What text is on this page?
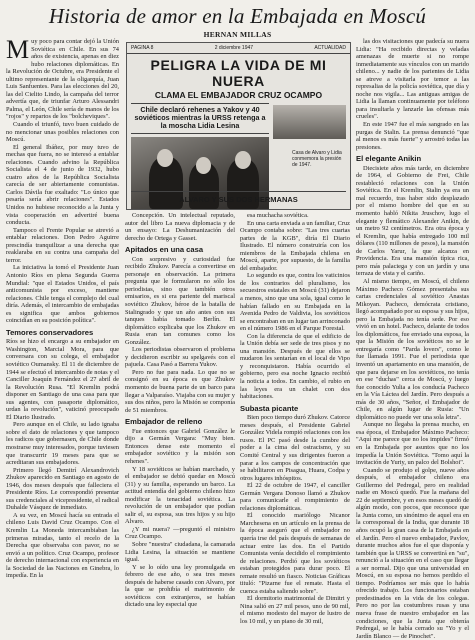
Historia de amor en la Embajada en Moscú
HERNAN MILLAS

Muy poco para contar dejó la Unión Soviética en Chile. En sus 74 años de existencia, apenas en diez hubo relaciones diplomáticas. En la Revolución de Octubre, era Presidente el ultimo representante de la oligarquía, Juan Luis Sanfuentes. Para las elecciones del 20, las del Cielito Lindo, la campaña del terror advertía que, de triunfar Arturo Alessandri Palma, el León, Chile sería de manos de los "rojos" y repartos de los "bolcheviques".

Cuando el triunfó, tuvo buen cuidado de no mencionar unas posibles relaciones con Moscú.

El general Ibáñez, por muy tuvo de mechas que fuera, no se interesó a entablar relaciones. Cuando advino la República Socialista el 4 de junio de 1932, hubo cuatro años de la República Socialista carecía de ser abiertamente comunistas. Carlos Dávila fue exaltado: "Lo único que pesaría sería abrir relaciones". Estados Unidos no hubiese reconocido a la Junta y vista cooperación en advertiré buena conducta.

Tampoco el Frente Popular se atrevió a entablar relaciones. Don Pedro Aguirre prescindía tranquilizar a una derecha que reaklaraba en su contra una campaña del terror.

La iniciativa la tomó el Presidente Juan Antonio Ríos en plena Segunda Guerra Mundial: "que el Estados Unidos, el país anticomunista por exceso, mantiene relaciones. Chile tenga el complejo del cual diría. Además, el intercambio de embajadas es significa que ambos gobiernos coincidían en su posición política".

Temores conservadores

Ríos se hizo el encargo a su embajador en Washington, Marcial Mora, para que conversara con su colega, el embajador soviético Oumansky. El 11 de diciembre de 1944 se efectuó el intercambio de notas y el Canciller Joaquín Fernández el 27 abril de la Revolución Rusa. "El Kremlin podrá disponer en Santiago de una casa para que sus agentes, con pasaporte diplomático, urdan la revolución", vaticinó preocupado El Diario Ilustrado.

Pero aunque en el Chile, su lado ignaba sobre el dato de relaciones y que tampoco les radicos que gobernasen, de Chile donde mostrarse muy interesados, porque tuviesen que transcurrir 19 meses para que se acreditaran sus embajadores.

Primero llegó Demitrí Alexandrovich Zhukov aparecido en Santiago en agosto de 1946, dos meses después que falleciera el Presidente Ríos. Le correspondió presentar sus credenciales al vicepresidente, el radical Duhalde Vásquez de inmediato.

A su vez, en Moscú hacía su entrada el chileno Luis David Cruz Ocampo. Con el Kremlin La Moneda intercambiaban las primeras miradas, tanto el recelo de la Derecha que observaba con pavor, no se envió a un político. Cruz Ocampo, profesor de derecho internacional con experiencia en la Sociedad de las Naciones en Ginebra, lo impedía. En la

PAGINA 8	2 diciembre 1947	ACTUALIDAD
PELIGRA LA VIDA DE MI NUERA
CLAMA EL EMBAJADOR CRUZ OCAMPO
Chile declaró rehenes a Yakov y 40 soviéticos mientras la URSS retenga a la moscha Lidia Lesina
ALVARO Y SUS DOS HERMANAS
Casa de Alvaro y Lidia conmemora la presión de 1947.

Concepción. Un intelectual reputado, autor del libro La nueva diplomacia y de un ensayo: La Deshumanización del derecho de Ortega y Gasset.

Apitados en una casa

Con sorpresivo y curiosidad fue recibido Zhukov. Parecía a convertirse en personaje en observación. La primera pregunta que le formularon no sólo los periodistas, sino que también otros emisarios, es si era pariente del mariscal soviético Zhukov, héroe de la batalla de Stalingrado y que un año antes con sus tanques había tomado Berlín. El diplomático explicaba que los Zhukov en Rusia eran tan comunes como los González.

Los periodistas observaron el problema y decidieron escribir su spelgavés con el pajuela. Casa Pasó a Barrera Yukov.

Pero no fue para nada. Lo que no se consignó en su época es que Zhukov momento de buena parte de un barco para llegar a Valparaíso. Viajaba con su mujer y sus dos niños, pero la Misión se componía de 51 miembros.

Embajador de relleno

Fue entonces que Gabriel González le dijo a Germán Vergara: "Muy bien. Entonces dense este momento el embajador soviético y la misión son rehenes".

Y 18 soviéticos se habían marchado, y el embajador se debió quedar en Moscú (31) y su familia, esperando un barco. La actitud entendía del gobierno chileno hizo modificar la tenacidad soviética. La revolución de un embajador que podían salir el, su esposa, sus tres hijos y su hijo Alvaro.

¿Y mi nuera? —preguntó el ministro Cruz Ocampo.

Sobre "nuestra" ciudadana, la camarada Lidia Lesina, la situación se mantiene igual.

Y se lo oído una ley promulgada en febrero de ese año, o sea tres meses después de haberse casado con Alvaro, por la que se prohibía el matrimonio de soviéticos con extranjeros, se habían dictado una ley especial que

esa muchacha soviética.

En una carta enviada a un familiar, Cruz Ocampo contaba sobre: "Las tres cuartas partes de la KGB", diría El Diario Ilustrado. El número construiría con los miembros de la Embajada chilena en Moscú, aparte, por supuesto, de la familia del embajador.

Lo segundo es que, contra los vaticinios de los contrarios del pluralismo, los secuestros estatales en Moscú (31) dejaron a menos, sino que una sola, igual como le habían fallado en su Embajada en la Avenida Pedro de Valdivia, los soviéticos se encontraban en un lugar tan arrinconado en el número 1986 en el Parque Forestal.

Con la diferencia de que el edificio de la Unión debía ser sede de tres pisos y no una mansión. Después de que ellos se mudaron les sentarían en el local de Vipo y reconquistaron. Había ocurrido el gobierno, pero esa noche Ignacio recibió la noticia a todos. En cambio, el rubio en las leyes era un chalet con dos habitaciones.

Subasta picante

Bien poco tiempo duró Zhukov. Catorce meses después, el Presidente Gabriel González Videla rompió relaciones con los rusos. El PC pasó desde la cumbre del poder a la cima del ostracismo, y su Comité Central y sus dirigentes fueron a parar a los campos de concentración que se habilitaron en Pisagua, Huara, Codpa y otros lugares inhóspitos.

El 22 de octubre de 1947, el canciller Germán Vergara Donoso llamó a Zhukov para comunicarle el rompimiento de relaciones diplomáticas.

El conocido mariólogo Nicanor Marchesena en un artículo en la prensa de la época aseguró que el embajador no quería irse del país después de semanas de actuar entre las dos. En el Partido Comunista venía decidido el rompimiento de relaciones. Perdió que los soviéticos estaban protegidos para durar poco. El remate resultó un fiasco. Noticias Gráficas tituló: "Pizarne fue el remate. Hasta el cuenca estaba saliendo sobre".

El dormitorio matrimonial de Dimitri y Nina salió en 27 mil pesos, uno de 90 mil, el mismo modesto del mayor de lustro de los 10 mil, y un piano de 30 mil,

las dos visitaciones que padecía su nuera Lidia: "Ha recibido directas y veladas amenazas de muerte si no rompe inmediatamente sus vínculos con un marido chileno... y nadie de los parientes de Lidia se atreve a visitarla por temor a las represalias de la policía soviética, que día y noche nos vigila... Las antiguas amigas de Lidia la llaman continuamente por teléfono para insultarla y lanzarle las ofensas más crueles".

En este 1947 fue el más sangrado en las purgas de Stalin. La prensa denunció "que al menos es más fuerte" y arrostró todas las presiones.

El elegante Anikin

Diecisiete años más tarde, en diciembre de 1964, el Gobierno de Frei, Chile restableció relaciones con la Unión Soviética. En el Kremlin, Stalin ya era un mal recuerdo, tras haber sido desplazado por el mismo hombre del que en su momento habló Nikita Jruschov, lugo el elegante y flemático Alexander Anikin, de un metro 92 centímetros. Era otra época y el Kremlin, que había entregado 100 mil dólares (110 millones de pesos), la mansión de Carlos Yarur, la que alcanza en Providencia. Era una mansión típica rica, pero más palaciega y con un jardín y una terraza de vista y el cariño.

Al mismo tiempo, en Moscú, el chileno Máximo Pacheco Gómez presentaba sus cartas credenciales al soviético Anastas Mikoyan. Pacheco, demócrata cristiano, llegó acompañado por su esposa y sus hijos, pero la Embajada no tenía sede. Por eso vivió en un hotel. Pacheco, delante de todos los diplomáticos, fue enviado una esposa, la que la Misión de los soviéticos no se le entregaría como "Parda lovers", como le fue llamada 1991. Fue el periodista que inventó un apartamento en una mansión, de que para dejarse en los soviéticos, no tenía en ese "duchas" cerca de Moscú, y luego fue conocido Yulia a los conducía Pacheco en la Vía Láctea del Jardín. Pero después a más de 30 años, "Señor, el Embajador de Chile, en algún lugar de Rusia: "Un diplomático no puede ver una sola letra".

Aunque no llegaba la prensa mucho, en esa época, el Embajador Máximo Pacheco: "Aquí me parece que no los impides" firmó en la Embajada por asuntos que no los impedía la Unión Soviética. "Tomo aquí la invitación de Yuriy, un palco del Bolshoi".

Cuando se produjo el golpe, nueve años después, el embajador chileno era Guillermo del Pedregal, pero en realidad nadie en Moscú quedó. Fue la mañana del 22 de septiembre, y en esos meses quedó de algún modo, con pocos, que reconoce que la Junta como, un sinónimo de aquel era en la corresponsal de la India, que durante 18 años ocupó la gran casa de la Embajada en el Jardín. Pero el nuevo embajador, Pavlov, durante muchos años fue el que disponía y también que la URSS se convertirá en "su", renunció a la situación en el caso que llegar a ser normal. Dijo que una universidad en Moscú, en su esposa no hemos perdido el tiempo. Podríamos ser más que lo había ofrecido trabajo. Los funcionarios estaban predestinados en la vida de los colegas. Pero no por las costumbres rusas y una nueva frase de nuestro embajador en las condiciones, que la Junta que obtenía Pedregal, se le había cerrado su "Yo y el Jardín Blanco — de Pinochet".
